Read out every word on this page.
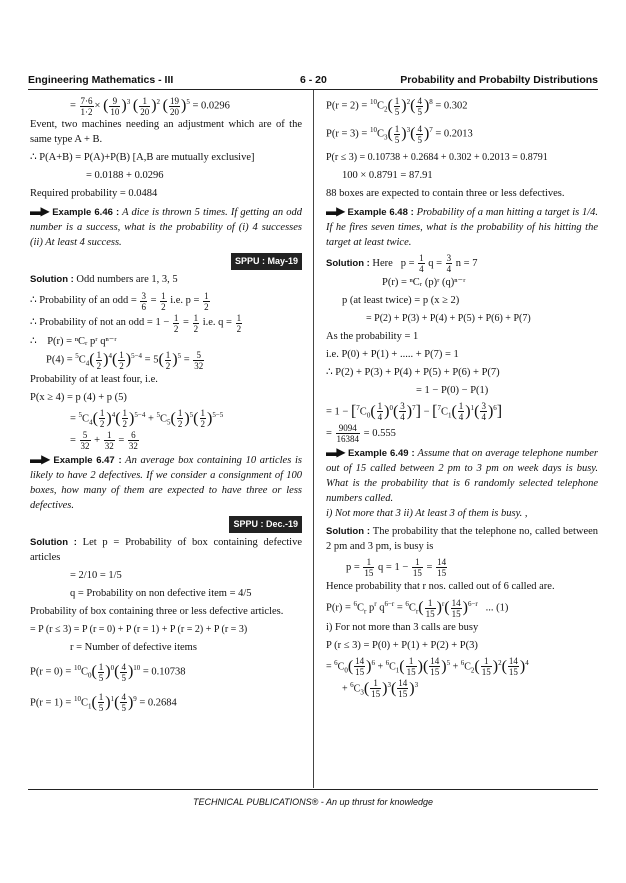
Engineering Mathematics - III	6 - 20	Probability and Probabilty Distributions
= $\frac{7\cdot 6}{1\cdot 2}$ × ( $\frac{9}{10} )^3$ ( $\frac{1}{20} )^2$ ( $\frac{19}{20} )^5 = 0.0296$

Event, two machines needing an adjustment which are of the same type A + B.

∴ P(A+B) = P(A)+P(B) [A,B are mutually exclusive]

= 0.0188 + 0.0296

Required probability = 0.0484

▬▶ Example 6.46 : A dice is thrown 5 times. If getting an odd number is a success, what is the probability of (i) 4 successes (ii) At least 4 success.

SPPU : May-19

Solution : Odd numbers are 1, 3, 5

∴ Probability of an odd = $\frac{3}{6} = \frac{1}{2} i.e$. $p = \frac{1}{2}$
∴ Probability of not an odd = $1 - \frac{1}{2} = \frac{1}{2} i.e$. $q = \frac{1}{2}$
∴    P(r) = ⁿCᵣ pʳ qⁿ⁻ʳ
$P(4) = ^5C_4( \frac{1}{2} )^4( \frac{1}{2} )^{5-4} = 5( \frac{1}{2} )^5 = \frac{5}{32}$

Probability of at least four, i.e.

P(x ≥ 4) = p (4) + p (5)

= $^5C_4( \frac{1}{2} )^4( \frac{1}{2} )^{5-4} + ^5C_5( \frac{1}{2} )^5( \frac{1}{2} )^{5-5}$
= $\frac{5}{32} + \frac{1}{32} = \frac{6}{32}$

▬▶ Example 6.47 : An average box containing 10 articles is likely to have 2 defectives. If we consider a consignment of 100 boxes, how many of them are expected to have three or less defectives.

SPPU : Dec.-19

Solution : Let p = Probability of box containing defective articles

= 2/10 = 1/5

q = Probability on non defective item = 4/5

Probability of box containing three or less defective articles.

= P (r ≤ 3) = P (r = 0) + P (r = 1) + P (r = 2) + P (r = 3)

r = Number of defective items

$P(r = 0) = ^{10}C_0( \frac{1}{5} )^0( \frac{4}{5} )^{10} = 0.10738$
$P(r = 1) = ^{10}C_1( \frac{1}{5} )^1( \frac{4}{5} )^9 = 0.2684$
$P(r = 2) = ^{10}C_2( \frac{1}{5} )^2( \frac{4}{5} )^8 = 0.302$
$P(r = 3) = ^{10}C_3( \frac{1}{5} )^3( \frac{4}{5} )^7 = 0.2013$

P(r ≤ 3) = 0.10738 + 0.2684 + 0.302 + 0.2013 = 0.8791

100 × 0.8791 = 87.91

88 boxes are expected to contain three or less defectives.

▬▶ Example 6.48 : Probability of a man hitting a target is 1/4. If he fires seven times, what is the probability of his hitting the target at least twice.

Solution : Here   $p = \frac{1}{4}$ $q = \frac{3}{4}$ n = 7

P(r) = ⁿCᵣ (p)ʳ (q)ⁿ⁻ʳ

p (at least twice) = p (x ≥ 2)

= P(2) + P(3) + P(4) + P(5) + P(6) + P(7)

As the probability = 1

i.e. P(0) + P(1) + ..... + P(7) = 1

∴ P(2) + P(3) + P(4) + P(5) + P(6) + P(7)

= 1 − P(0) − P(1)

= $1 - [^7C_0( \frac{1}{4} )^0( \frac{3}{4} )^7] - [^7C_1( \frac{1}{4} )^1( \frac{3}{4} )^6]$
= $\frac{9094}{16384} = 0.555$

▬▶ Example 6.49 : Assume that on average telephone number out of 15 called between 2 pm to 3 pm on week days is busy. What is the probability that is 6 randomly selected telephone numbers called.
i) Not more that 3 ii) At least 3 of them is busy. ,

Solution : The probability that the telephone no, called between 2 pm and 3 pm, is busy is

$p = \frac{1}{15}$ $q = 1 - \frac{1}{15} = \frac{14}{15}$

Hence probability that r nos. called out of 6 called are.

$P(r) = ^6C_r$ $p^r$ $q^{6-r} = ^6C_r( \frac{1}{15} )^r( \frac{14}{15} )^{6-r}$ ... (1)

i) For not more than 3 calls are busy

P (r ≤ 3) = P(0) + P(1) + P(2) + P(3)

= $^6C_0( \frac{14}{15} )^6 + ^6C_1( \frac{1}{15}$ )( $\frac{14}{15} )^5 + ^6C_2( \frac{1}{15} )^2( \frac{14}{15} )^4$
+ $^6C_3( \frac{1}{15} )^3( \frac{14}{15} )^3$
TECHNICAL PUBLICATIONS® - An up thrust for knowledge
